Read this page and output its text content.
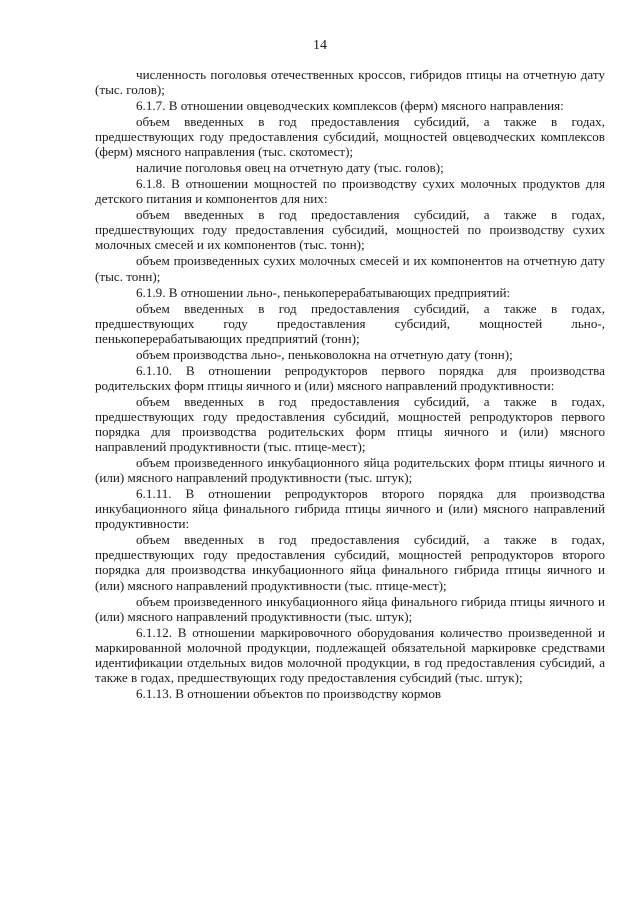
14

численность поголовья отечественных кроссов, гибридов птицы на отчетную дату (тыс. голов);

6.1.7. В отношении овцеводческих комплексов (ферм) мясного направления:

объем введенных в год предоставления субсидий, а также в годах, предшествующих году предоставления субсидий, мощностей овцеводческих комплексов (ферм) мясного направления (тыс. скотомест);

наличие поголовья овец на отчетную дату (тыс. голов);

6.1.8. В отношении мощностей по производству сухих молочных продуктов для детского питания и компонентов для них:

объем введенных в год предоставления субсидий, а также в годах, предшествующих году предоставления субсидий, мощностей по производству сухих молочных смесей и их компонентов (тыс. тонн);

объем произведенных сухих молочных смесей и их компонентов на отчетную дату (тыс. тонн);

6.1.9. В отношении льно-, пенькоперерабатывающих предприятий:

объем введенных в год предоставления субсидий, а также в годах, предшествующих году предоставления субсидий, мощностей льно-, пенькоперерабатывающих предприятий (тонн);

объем производства льно-, пеньковолокна на отчетную дату (тонн);

6.1.10. В отношении репродукторов первого порядка для производства родительских форм птицы яичного и (или) мясного направлений продуктивности:

объем введенных в год предоставления субсидий, а также в годах, предшествующих году предоставления субсидий, мощностей репродукторов первого порядка для производства родительских форм птицы яичного и (или) мясного направлений продуктивности (тыс. птице-мест);

объем произведенного инкубационного яйца родительских форм птицы яичного и (или) мясного направлений продуктивности (тыс. штук);

6.1.11. В отношении репродукторов второго порядка для производства инкубационного яйца финального гибрида птицы яичного и (или) мясного направлений продуктивности:

объем введенных в год предоставления субсидий, а также в годах, предшествующих году предоставления субсидий, мощностей репродукторов второго порядка для производства инкубационного яйца финального гибрида птицы яичного и (или) мясного направлений продуктивности (тыс. птице-мест);

объем произведенного инкубационного яйца финального гибрида птицы яичного и (или) мясного направлений продуктивности (тыс. штук);

6.1.12. В отношении маркировочного оборудования количество произведенной и маркированной молочной продукции, подлежащей обязательной маркировке средствами идентификации отдельных видов молочной продукции, в год предоставления субсидий, а также в годах, предшествующих году предоставления субсидий (тыс. штук);

6.1.13. В отношении объектов по производству кормов
